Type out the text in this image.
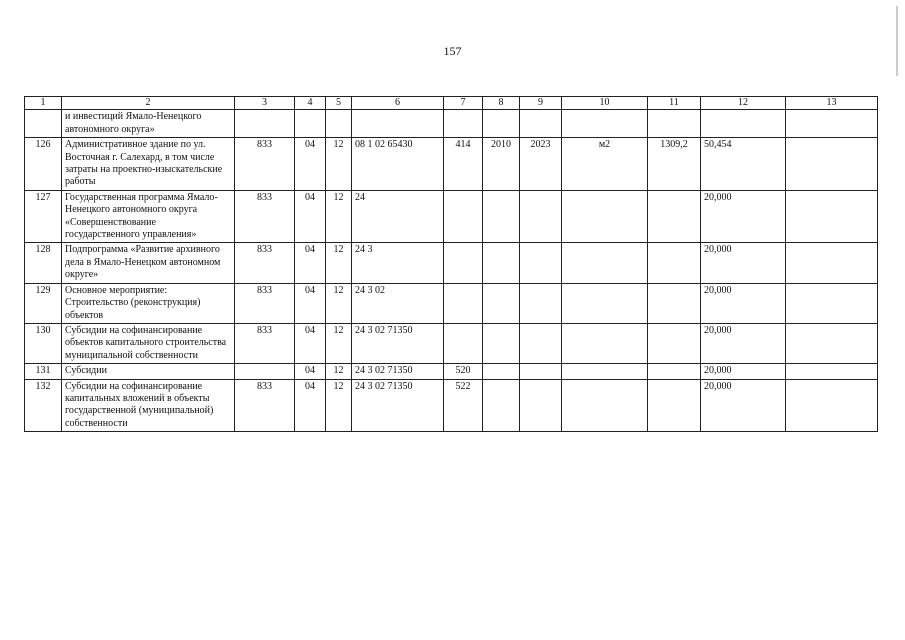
157
1	2	3	4	5	6	7	8	9	10	11	12	13
	и инвестиций Ямало-Ненецкого автономного округа»											
126	Административное здание по ул. Восточная г. Салехард, в том числе затраты на проектно-изыскательские работы	833	04	12	08 1 02 65430	414	2010	2023	м2	1309,2	50,454	
127	Государственная программа Ямало-Ненецкого автономного округа «Совершенствование государственного управления»	833	04	12	24						20,000	
128	Подпрограмма «Развитие архивного дела в Ямало-Ненецком автономном округе»	833	04	12	24 3						20,000	
129	Основное мероприятие: Строительство (реконструкция) объектов	833	04	12	24 3 02						20,000	
130	Субсидии на софинансирование объектов капитального строительства муниципальной собственности	833	04	12	24 3 02 71350						20,000	
131	Субсидии		04	12	24 3 02 71350	520					20,000	
132	Субсидии на софинансирование капитальных вложений в объекты государственной (муниципальной) собственности	833	04	12	24 3 02 71350	522					20,000	
